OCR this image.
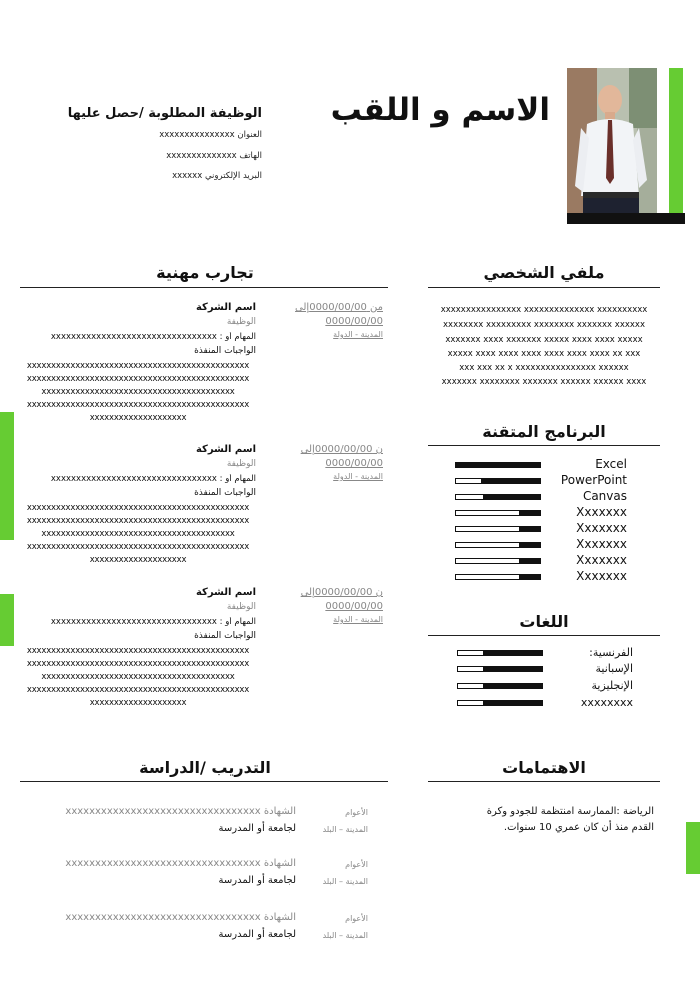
الاسم و اللقب
الوظيفة المطلوبة /حصل عليها
العنوان xxxxxxxxxxxxxxx
الهاتف xxxxxxxxxxxxxx
البريد الإلكتروني xxxxxx
ملفي الشخصي
xxxxxxxxxxxxxxxx xxxxxxxxxxxxxx xxxxxxxxxx
xxxxxxxx xxxxxxxxx xxxxxxxx xxxxxxx xxxxxx
xxxxxxx xxxx xxxxxxx xxxxx xxxx xxxx xxxxx
xxxxx xxxx xxxx xxxx xxxx xxxx xxxx xx xxx
xxx xxx xx x xxxxxxxxxxxxxxxx xxxxxx
xxxxxxx xxxxxxxx xxxxxxx xxxxxx xxxxxx xxxx
البرنامج المتقنة
Excel
PowerPoint
Canvas
Xxxxxxx
Xxxxxxx
Xxxxxxx
Xxxxxxx
Xxxxxxx
اللغات
الفرنسية:
الإسبانية
الإنجليزية
xxxxxxxx
تجارب مهنية
من 0000/00/00إلى
0000/00/00
المدينة - الدولة
اسم الشركة
الوظيفة
xxxxxxxxxxxxxxxxxxxxxxxxxxxxxxxxx : المهام أو
الواجبات المنفذة
xxxxxxxxxxxxxxxxxxxxxxxxxxxxxxxxxxxxxxxxxxxxxx
xxxxxxxxxxxxxxxxxxxxxxxxxxxxxxxxxxxxxxxxxxxxxx
xxxxxxxxxxxxxxxxxxxxxxxxxxxxxxxxxxxxxxxx
xxxxxxxxxxxxxxxxxxxxxxxxxxxxxxxxxxxxxxxxxxxxxx
xxxxxxxxxxxxxxxxxxxx
ن 0000/00/00إلى
0000/00/00
المدينة - الدولة
اسم الشركة
الوظيفة
xxxxxxxxxxxxxxxxxxxxxxxxxxxxxxxxx : المهام أو
الواجبات المنفذة
xxxxxxxxxxxxxxxxxxxxxxxxxxxxxxxxxxxxxxxxxxxxxx
xxxxxxxxxxxxxxxxxxxxxxxxxxxxxxxxxxxxxxxxxxxxxx
xxxxxxxxxxxxxxxxxxxxxxxxxxxxxxxxxxxxxxxx
xxxxxxxxxxxxxxxxxxxxxxxxxxxxxxxxxxxxxxxxxxxxxx
xxxxxxxxxxxxxxxxxxxx
ن 0000/00/00إلى
0000/00/00
المدينة - الدولة
اسم الشركة
الوظيفة
xxxxxxxxxxxxxxxxxxxxxxxxxxxxxxxxx : المهام أو
الواجبات المنفذة
xxxxxxxxxxxxxxxxxxxxxxxxxxxxxxxxxxxxxxxxxxxxxx
xxxxxxxxxxxxxxxxxxxxxxxxxxxxxxxxxxxxxxxxxxxxxx
xxxxxxxxxxxxxxxxxxxxxxxxxxxxxxxxxxxxxxxx
xxxxxxxxxxxxxxxxxxxxxxxxxxxxxxxxxxxxxxxxxxxxxx
xxxxxxxxxxxxxxxxxxxx
الاهتمامات
الرياضة :الممارسة امنتظمة للجودو وكرة
القدم منذ أن كان عمري 10 سنوات.
التدريب /الدراسة
الأعوام
المدينة – البلد
xxxxxxxxxxxxxxxxxxxxxxxxxxxxxxxxx الشهادة
لجامعة أو المدرسة
الأعوام
المدينة – البلد
xxxxxxxxxxxxxxxxxxxxxxxxxxxxxxxxx الشهادة
لجامعة أو المدرسة
الأعوام
المدينة – البلد
xxxxxxxxxxxxxxxxxxxxxxxxxxxxxxxxx الشهادة
لجامعة أو المدرسة
